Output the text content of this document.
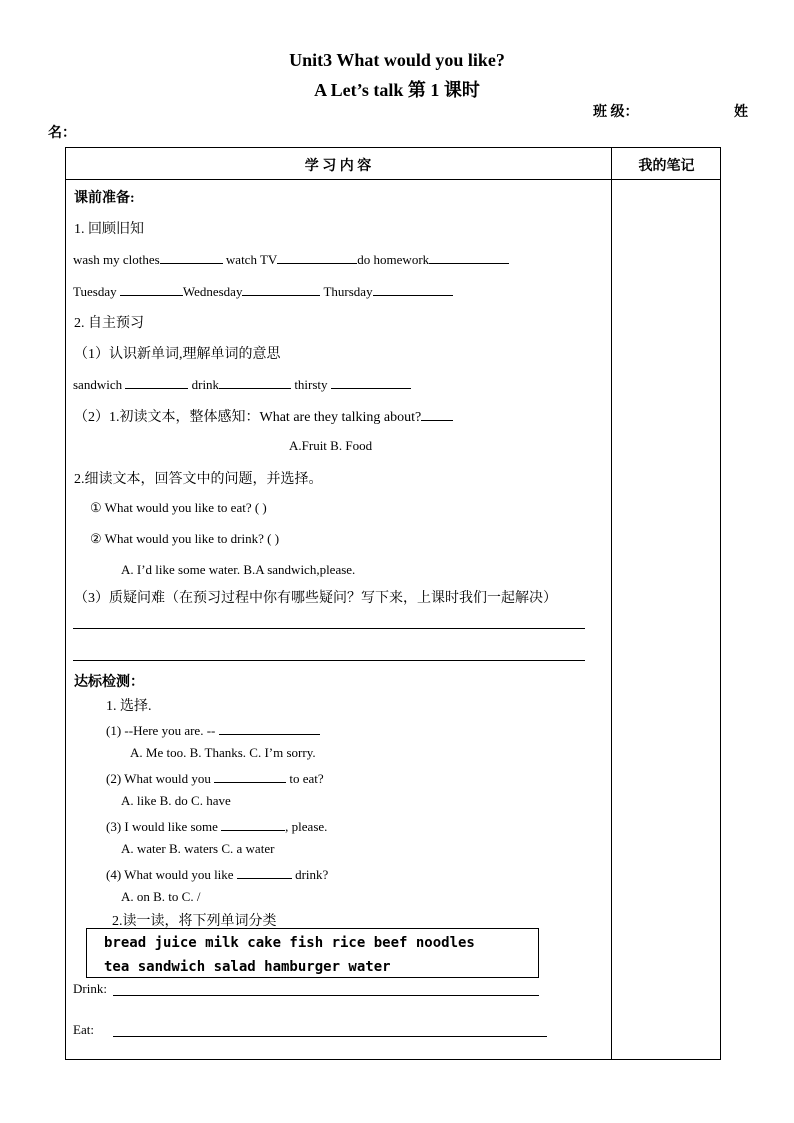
Unit3 What would you like?
A Let’s talk 第 1 课时
班 级：	姓
名：
学 习 内 容	我的笔记
课前准备:
1. 回顾旧知
wash my clothes	watch TV	do homework
Tuesday	Wednesday	Thursday
2. 自主预习
（1）认识新单词,理解单词的意思
sandwich	drink	thirsty
（2）1.初读文本，整体感知：What are they talking about?
A.Fruit B. Food
2.细读文本，回答文中的问题，并选择。
① What would you like to eat? ( )
② What would you like to drink? ( )
A. I’d like some water. B.A sandwich,please.
（3）质疑问难（在预习过程中你有哪些疑问？写下来，上课时我们一起解决）
达标检测：
1. 选择.
(1) --Here you are. --
A. Me too. B. Thanks. C. I’m sorry.
(2) What would you	to eat?
A. like B. do C. have
(3) I would like some	, please.
A. water B. waters C. a water
(4) What would you like	drink?
A. on B. to C. /
2.读一读，将下列单词分类
bread juice milk cake fish rice beef noodles
tea sandwich salad hamburger water
Drink:
Eat:
